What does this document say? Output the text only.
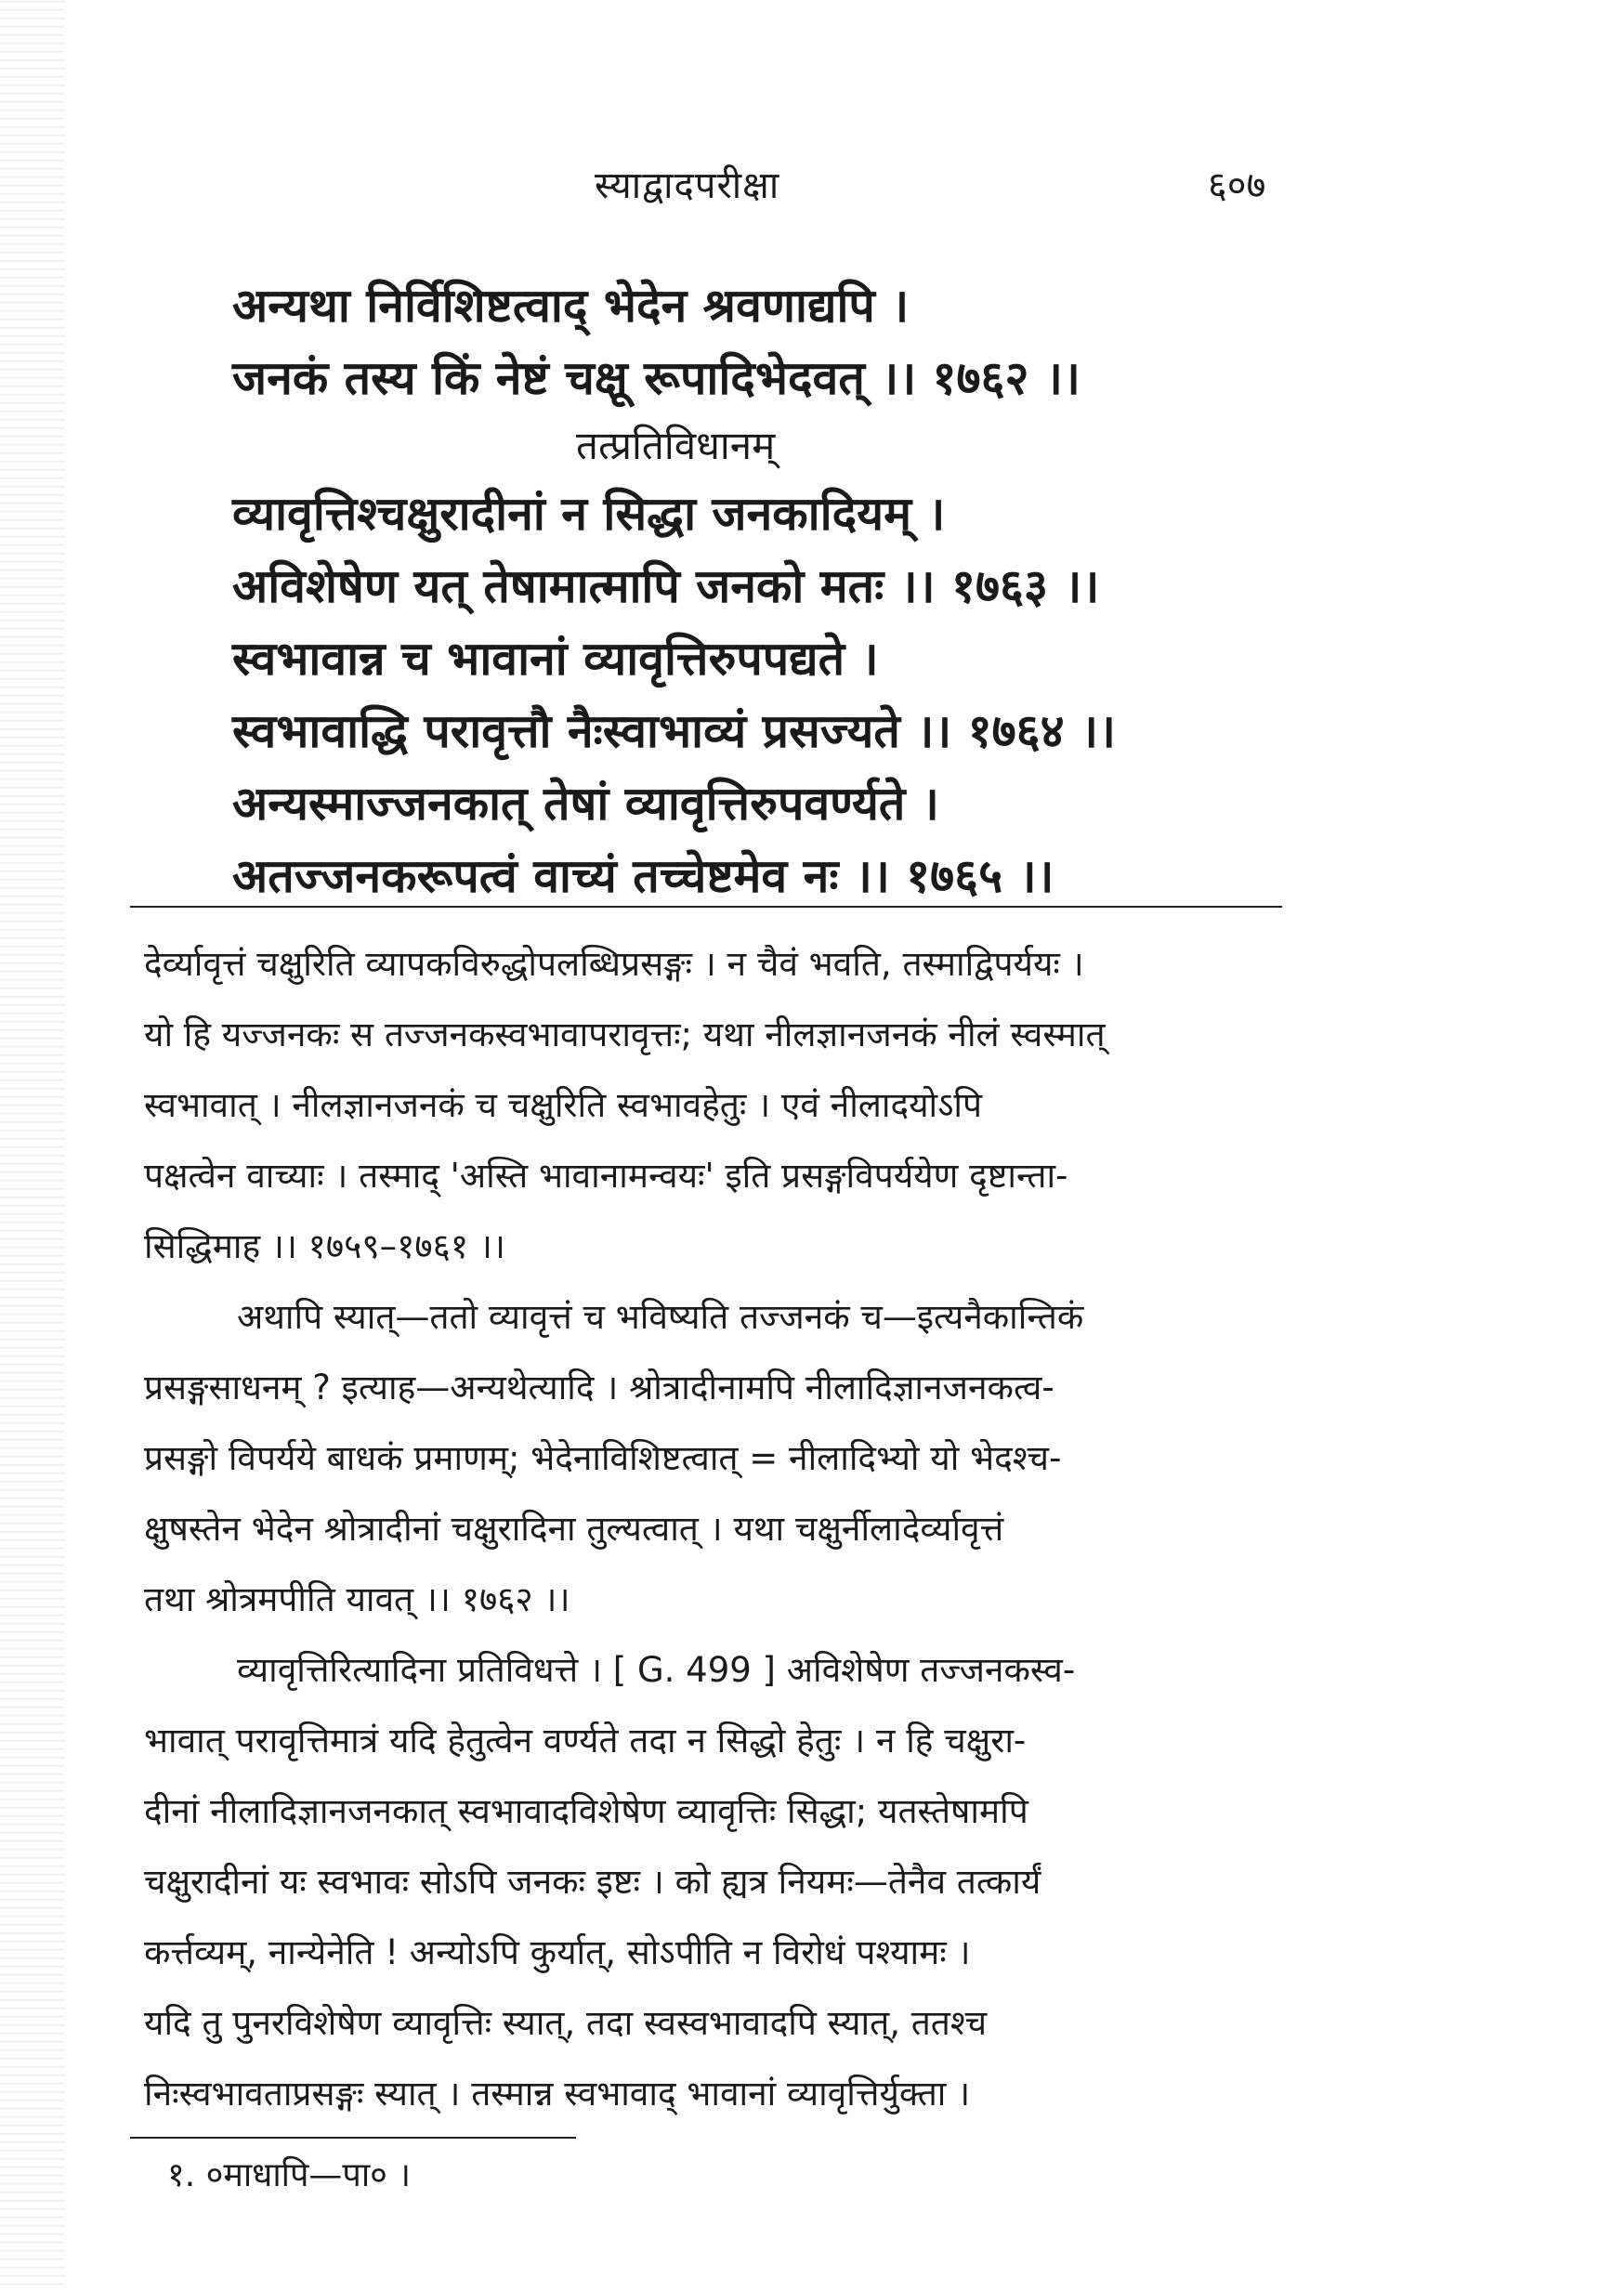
स्याद्वादपरीक्षा	६०७
अन्यथा निर्विशिष्टत्वाद् भेदेन श्रवणाद्यपि ।
जनकं तस्य किं नेष्टं चक्षू रूपादिभेदवत् ।। १७६२ ।।
तत्प्रतिविधानम्
व्यावृत्तिश्चक्षुरादीनां न सिद्धा जनकादियम् ।
अविशेषेण यत् तेषामात्मापि जनको मतः ।। १७६३ ।।
स्वभावान्न च भावानां व्यावृत्तिरुपपद्यते ।
स्वभावाद्धि परावृत्तौ नैःस्वाभाव्यं प्रसज्यते ।। १७६४ ।।
अन्यस्माज्जनकात् तेषां व्यावृत्तिरुपवर्ण्यते ।
अतज्जनकरूपत्वं वाच्यं तच्चेष्टमेव नः ।। १७६५ ।।
देर्व्यावृत्तं चक्षुरिति व्यापकविरुद्धोपलब्धिप्रसङ्गः । न चैवं भवति, तस्माद्विपर्ययः ।
यो हि यज्जनकः स तज्जनकस्वभावापरावृत्तः; यथा नीलज्ञानजनकं नीलं स्वस्मात्
स्वभावात् । नीलज्ञानजनकं च चक्षुरिति स्वभावहेतुः । एवं नीलादयोऽपि
पक्षत्वेन वाच्याः । तस्माद् 'अस्ति भावानामन्वयः' इति प्रसङ्गविपर्ययेण दृष्टान्ता-
सिद्धिमाह ।। १७५९–१७६१ ।।
अथापि स्यात्—ततो व्यावृत्तं च भविष्यति तज्जनकं च—इत्यनैकान्तिकं
प्रसङ्गसाधनम् ? इत्याह—अन्यथेत्यादि । श्रोत्रादीनामपि नीलादिज्ञानजनकत्व-
प्रसङ्गो विपर्यये बाधकं प्रमाणम्; भेदेनाविशिष्टत्वात् = नीलादिभ्यो यो भेदश्च-
क्षुषस्तेन भेदेन श्रोत्रादीनां चक्षुरादिना तुल्यत्वात् । यथा चक्षुर्नीलादेर्व्यावृत्तं
तथा श्रोत्रमपीति यावत् ।। १७६२ ।।
व्यावृत्तिरित्यादिना प्रतिविधत्ते । [ G. 499 ] अविशेषेण तज्जनकस्व-
भावात् परावृत्तिमात्रं यदि हेतुत्वेन वर्ण्यते तदा न सिद्धो हेतुः । न हि चक्षुरा-
दीनां नीलादिज्ञानजनकात् स्वभावादविशेषेण व्यावृत्तिः सिद्धा; यतस्तेषामपि
चक्षुरादीनां यः स्वभावः सोऽपि जनकः इष्टः । को ह्यत्र नियमः—तेनैव तत्कार्यं
कर्त्तव्यम्, नान्येनेति ! अन्योऽपि कुर्यात्, सोऽपीति न विरोधं पश्यामः ।
यदि तु पुनरविशेषेण व्यावृत्तिः स्यात्, तदा स्वस्वभावादपि स्यात्, ततश्च
निःस्वभावताप्रसङ्गः स्यात् । तस्मान्न स्वभावाद् भावानां व्यावृत्तिर्युक्ता ।
१. ०माधापि—पा० ।
